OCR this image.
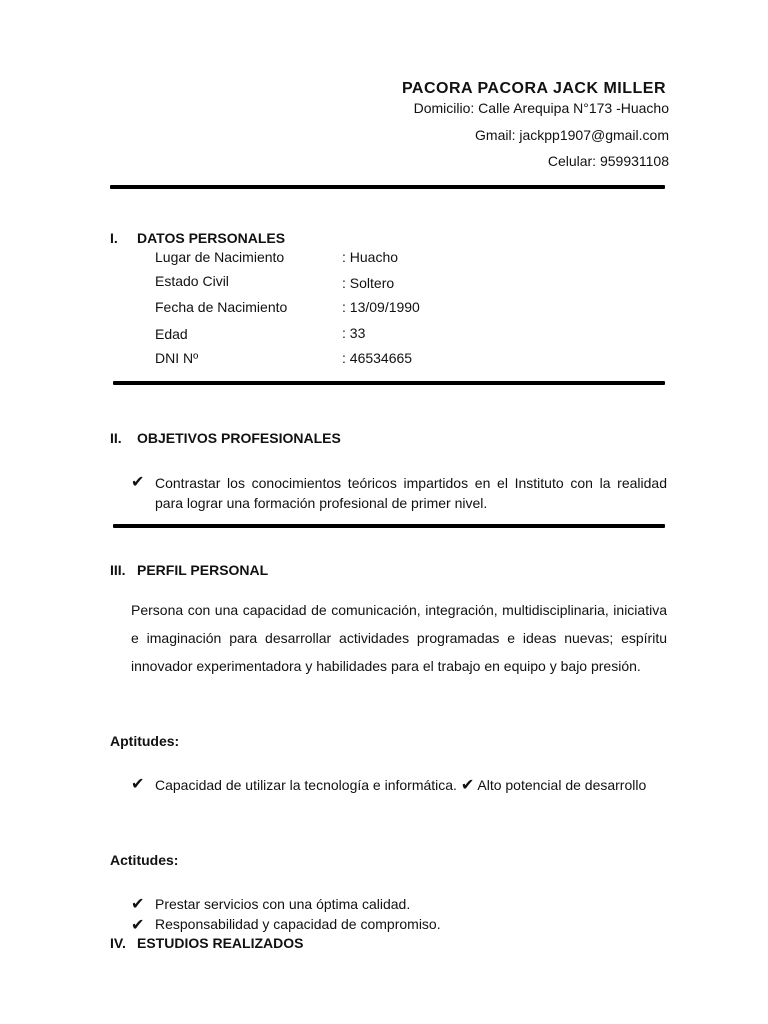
PACORA PACORA JACK MILLER
Domicilio: Calle Arequipa N°173 -Huacho
Gmail: jackpp1907@gmail.com
Celular: 959931108
I. DATOS PERSONALES
Lugar de Nacimiento	: Huacho
Estado Civil	: Soltero
Fecha de Nacimiento	: 13/09/1990
Edad	: 33
DNI Nº	: 46534665
II. OBJETIVOS PROFESIONALES
✔ Contrastar los conocimientos teóricos impartidos en el Instituto con la realidad para lograr una formación profesional de primer nivel.
III. PERFIL PERSONAL
Persona con una capacidad de comunicación, integración, multidisciplinaria, iniciativa e imaginación para desarrollar actividades programadas e ideas nuevas; espíritu innovador experimentadora y habilidades para el trabajo en equipo y bajo presión.
Aptitudes:
✔ Capacidad de utilizar la tecnología e informática. ✔ Alto potencial de desarrollo
Actitudes:
✔ Prestar servicios con una óptima calidad.
✔ Responsabilidad y capacidad de compromiso.
IV. ESTUDIOS REALIZADOS
